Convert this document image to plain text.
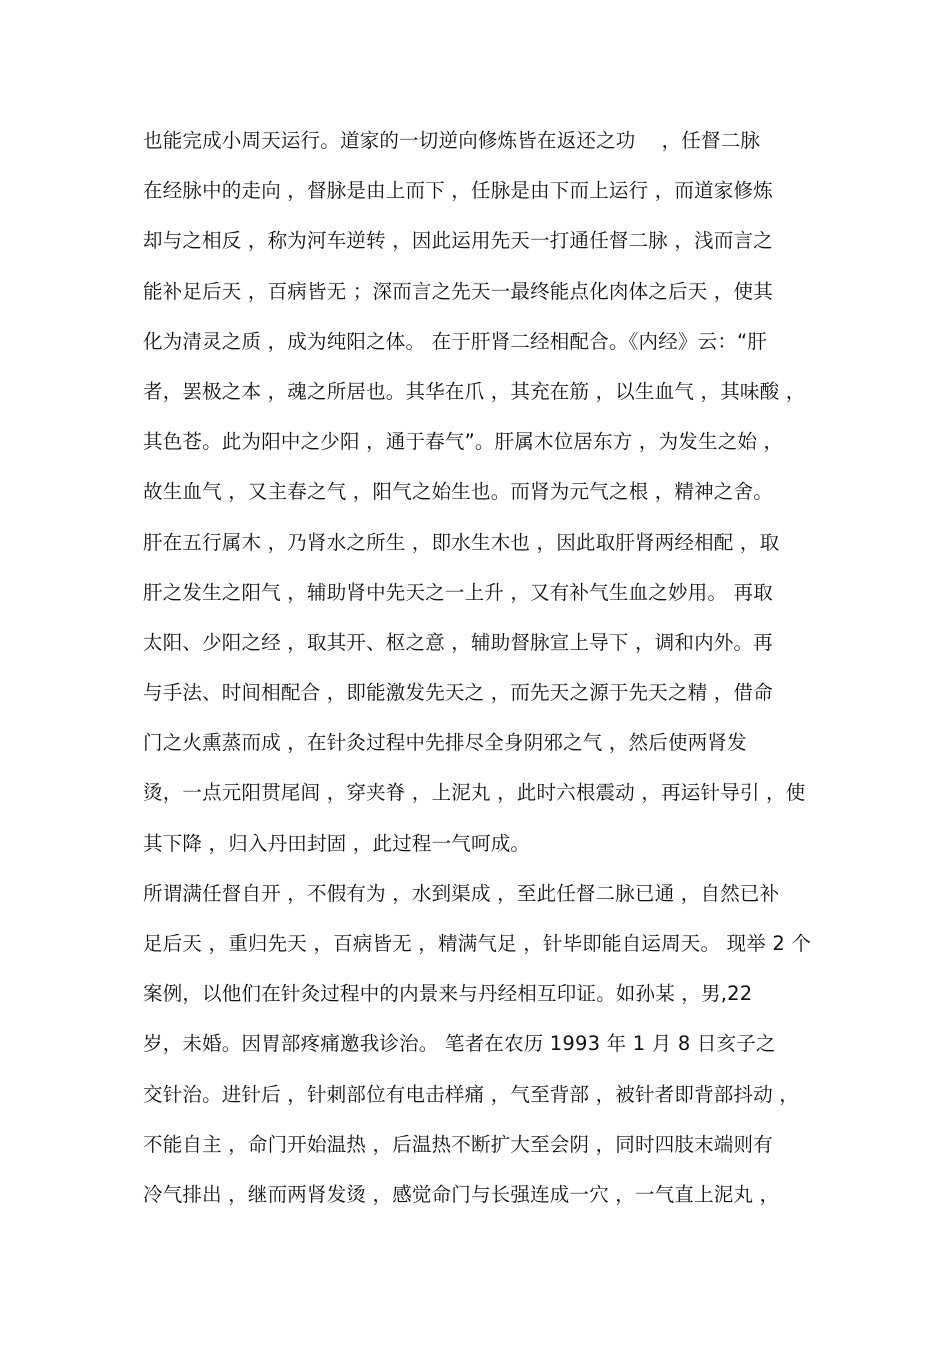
也能完成小周天运行。道家的一切逆向修炼皆在返还之功　 ，任督二脉
在经脉中的走向 ，督脉是由上而下 ，任脉是由下而上运行 ，而道家修炼
却与之相反 ，称为河车逆转 ，因此运用先天一打通任督二脉 ，浅而言之
能补足后天 ，百病皆无 ；深而言之先天一最终能点化肉体之后天 ，使其
化为清灵之质 ，成为纯阳之体。 在于肝肾二经相配合。《内经》云：“肝
者，罢极之本 ，魂之所居也。其华在爪 ，其充在筋 ，以生血气 ，其味酸 ，
其色苍。此为阳中之少阳 ，通于春气”。肝属木位居东方 ，为发生之始 ，
故生血气 ，又主春之气 ，阳气之始生也。而肾为元气之根 ，精神之舍。
肝在五行属木 ，乃肾水之所生 ，即水生木也 ，因此取肝肾两经相配 ，取
肝之发生之阳气 ，辅助肾中先天之一上升 ，又有补气生血之妙用。 再取
太阳、少阳之经 ，取其开、枢之意 ，辅助督脉宣上导下 ，调和内外。再
与手法、时间相配合 ，即能激发先天之 ，而先天之源于先天之精 ，借命
门之火熏蒸而成 ，在针灸过程中先排尽全身阴邪之气 ，然后使两肾发
烫，一点元阳贯尾闾 ，穿夹脊 ，上泥丸 ，此时六根震动 ，再运针导引 ，使
其下降 ，归入丹田封固 ，此过程一气呵成。
所谓满任督自开 ，不假有为 ，水到渠成 ，至此任督二脉已通 ，自然已补
足后天 ，重归先天 ，百病皆无 ，精满气足 ，针毕即能自运周天。 现举 2 个
案例，以他们在针灸过程中的内景来与丹经相互印证。如孙某 ，男,22
岁，未婚。因胃部疼痛邀我诊治。 笔者在农历 1993 年 1 月 8 日亥子之
交针治。进针后 ，针刺部位有电击样痛 ，气至背部 ，被针者即背部抖动 ，
不能自主 ，命门开始温热 ，后温热不断扩大至会阴 ，同时四肢末端则有
冷气排出 ，继而两肾发烫 ，感觉命门与长强连成一穴 ，一气直上泥丸 ，
